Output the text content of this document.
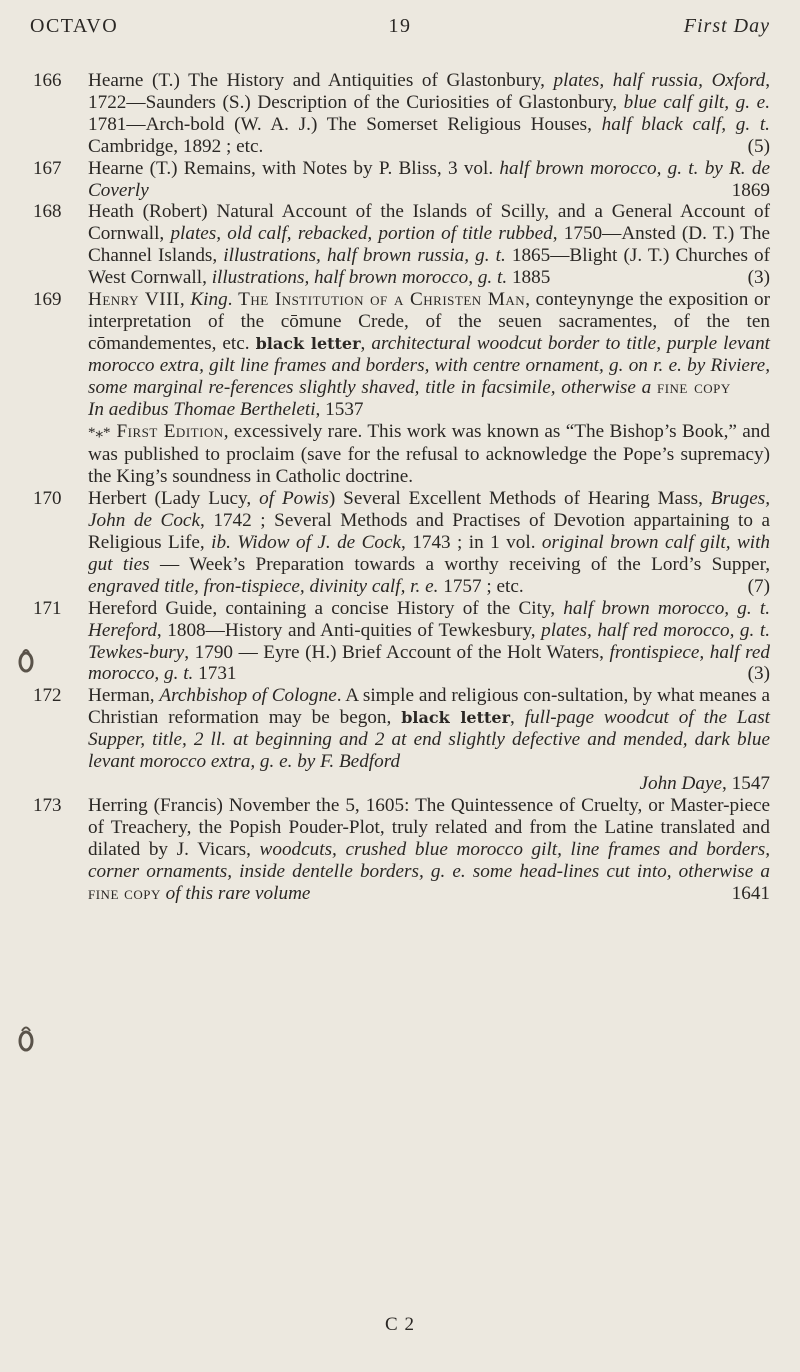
OCTAVO	19	First Day
166	Hearne (T.) The History and Antiquities of Glastonbury, plates, half russia, Oxford, 1722—Saunders (S.) Description of the Curiosities of Glastonbury, blue calf gilt, g. e. 1781—Arch-bold (W. A. J.) The Somerset Religious Houses, half black calf, g. t. Cambridge, 1892 ; etc.	(5)
167	Hearne (T.) Remains, with Notes by P. Bliss, 3 vol. half brown morocco, g. t. by R. de Coverly	1869
168	Heath (Robert) Natural Account of the Islands of Scilly, and a General Account of Cornwall, plates, old calf, rebacked, portion of title rubbed, 1750—Ansted (D. T.) The Channel Islands, illustrations, half brown russia, g. t. 1865—Blight (J. T.) Churches of West Cornwall, illustrations, half brown morocco, g. t. 1885	(3)
169	Henry VIII, King. The Institution of a Christen Man, conteynynge the exposition or interpretation of the cōmune Crede, of the seuen sacramentes, of the ten cōmandementes, etc. black letter, architectural woodcut border to title, purple levant morocco extra, gilt line frames and borders, with centre ornament, g. on r. e. by Riviere, some marginal re-ferences slightly shaved, title in facsimile, otherwise a fine copy        In aedibus Thomae Bertheleti, 1537
*⁎* First Edition, excessively rare. This work was known as “The Bishop’s Book,” and was published to proclaim (save for the refusal to acknowledge the Pope’s supremacy) the King’s soundness in Catholic doctrine.
170	Herbert (Lady Lucy, of Powis) Several Excellent Methods of Hearing Mass, Bruges, John de Cock, 1742 ; Several Methods and Practises of Devotion appartaining to a Religious Life, ib. Widow of J. de Cock, 1743 ; in 1 vol. original brown calf gilt, with gut ties — Week’s Preparation towards a worthy receiving of the Lord’s Supper, engraved title, fron-tispiece, divinity calf, r. e. 1757 ; etc.	(7)
171	Hereford Guide, containing a concise History of the City, half brown morocco, g. t. Hereford, 1808—History and Anti-quities of Tewkesbury, plates, half red morocco, g. t. Tewkes-bury, 1790 — Eyre (H.) Brief Account of the Holt Waters, frontispiece, half red morocco, g. t. 1731	(3)
172	Herman, Archbishop of Cologne. A simple and religious con-sultation, by what meanes a Christian reformation may be begon, black letter, full-page woodcut of the Last Supper, title, 2 ll. at beginning and 2 at end slightly defective and mended, dark blue levant morocco extra, g. e. by F. Bedford

John Daye, 1547

173	Herring (Francis) November the 5, 1605: The Quintessence of Cruelty, or Master-piece of Treachery, the Popish Pouder-Plot, truly related and from the Latine translated and dilated by J. Vicars, woodcuts, crushed blue morocco gilt, line frames and borders, corner ornaments, inside dentelle borders, g. e. some head-lines cut into, otherwise a fine copy of this rare volume	1641
C 2
